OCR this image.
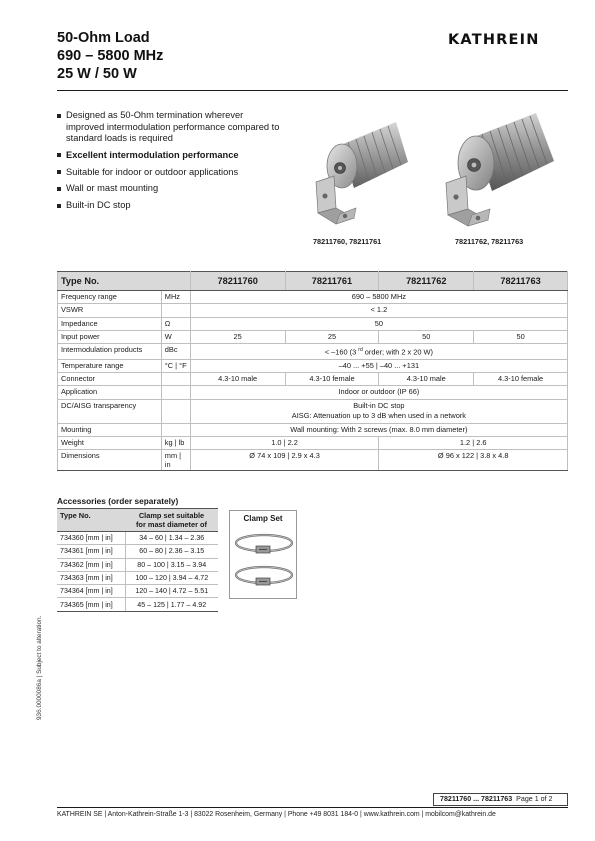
50-Ohm Load
690 – 5800 MHz
25 W / 50 W
KATHREIN
Designed as 50-Ohm termination wherever improved intermodulation performance compared to standard loads is required
Excellent intermodulation performance
Suitable for indoor or outdoor applications
Wall or mast mounting
Built-in DC stop
78211760, 78211761	78211762, 78211763
Type No.		78211760	78211761	78211762	78211763
Frequency range	MHz	690 – 5800 MHz			
VSWR		< 1.2			
Impedance	Ω	50			
Input power	W	25	25	50	50
Intermodulation products	dBc	< –160 (3 $^{rd}$ order; with 2 x 20 W)			
Temperature range	°C | °F	–40 ... +55 | –40 ... +131			
Connector		4.3-10 male	4.3-10 female	4.3-10 male	4.3-10 female
Application		Indoor or outdoor (IP 66)			
DC/AISG transparency		Built-in DC stop
AISG: Attenuation up to 3 dB when used in a network			

Mounting		Wall mounting: With 2 screws (max. 8.0 mm diameter)			
Weight	kg | lb	1.0 | 2.2		1.2 | 2.6	
Dimensions	mm |
in	Ø 74 x 109 | 2.9 x 4.3		Ø 96 x 122 | 3.8 x 4.8	
Accessories (order separately)
Type No.	Clamp set suitable
for mast diameter of

734360 [mm | in]	34 – 60 | 1.34 – 2.36
734361 [mm | in]	60 – 80 | 2.36 – 3.15
734362 [mm | in]	80 – 100 | 3.15 – 3.94
734363 [mm | in]	100 – 120 | 3.94 – 4.72
734364 [mm | in]	120 – 140 | 4.72 – 5.51
734365 [mm | in]	45 – 125 | 1.77 – 4.92
Clamp Set
936.0000086a | Subject to alteration.
78211760 ... 78211763 Page 1 of 2
KATHREIN SE | Anton-Kathrein-Straße 1-3 | 83022 Rosenheim, Germany | Phone +49 8031 184-0 | www.kathrein.com | mobilcom@kathrein.de
